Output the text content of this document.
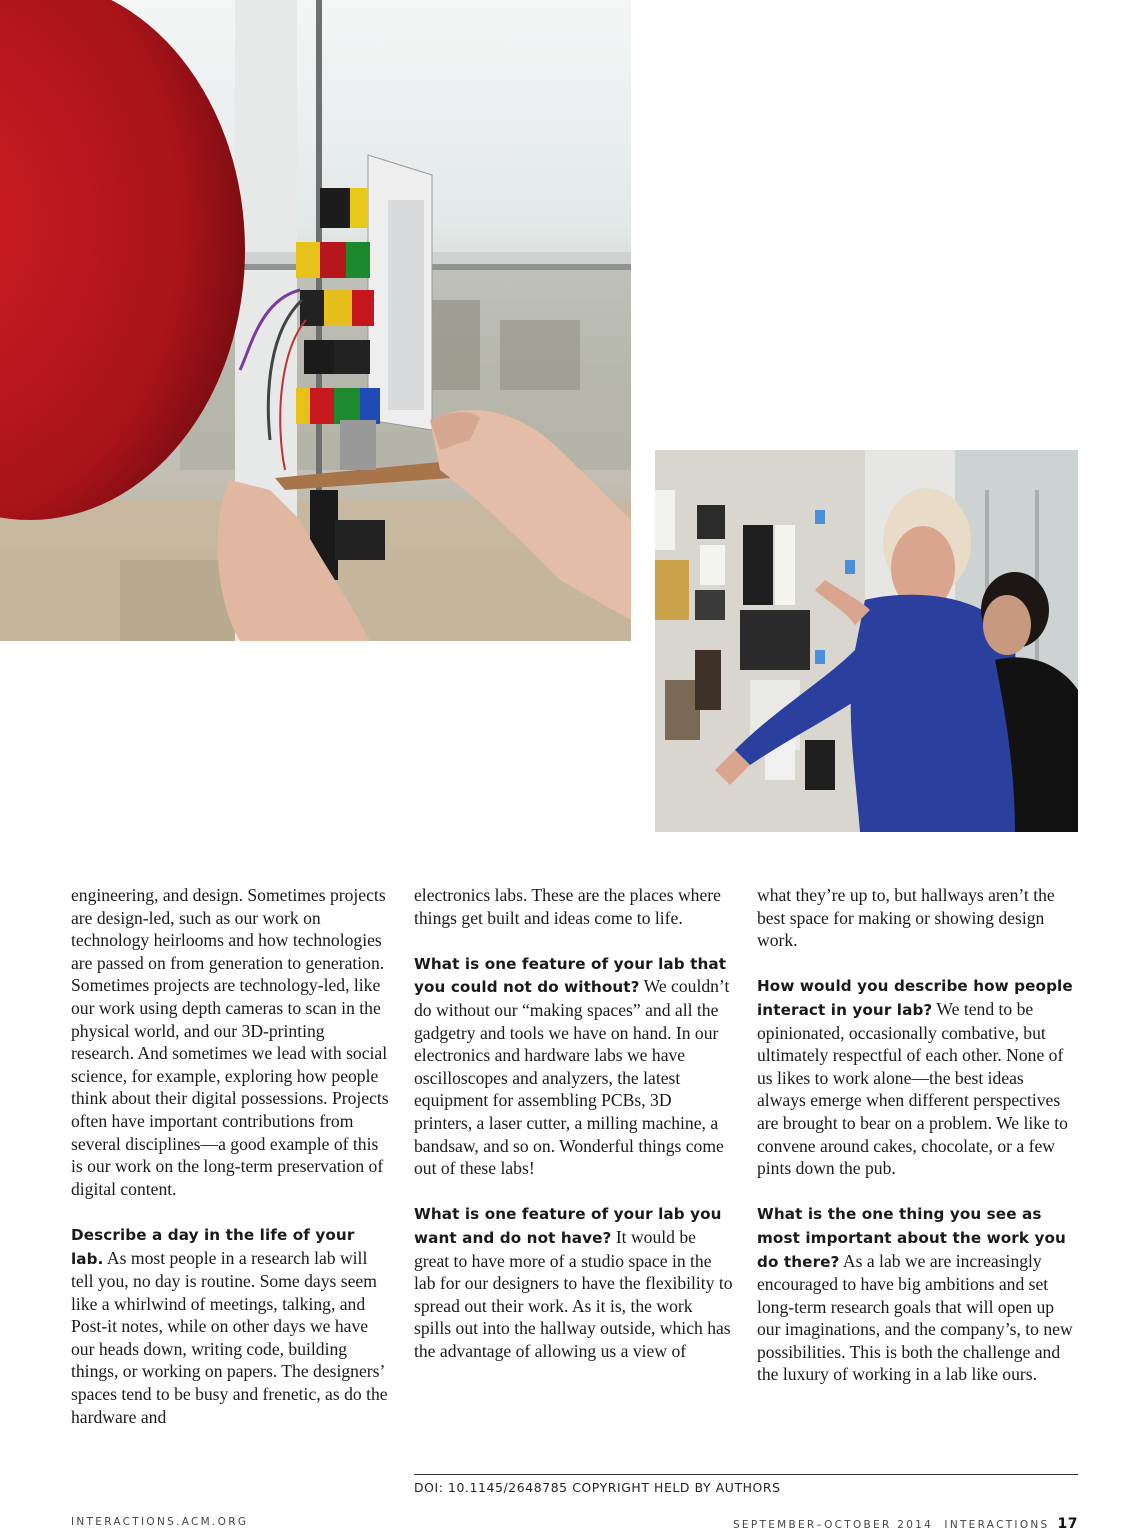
engineering, and design. Sometimes projects are design-led, such as our work on technology heirlooms and how technologies are passed on from generation to generation. Sometimes projects are technology-led, like our work using depth cameras to scan in the physical world, and our 3D-printing research. And sometimes we lead with social science, for example, exploring how people think about their digital possessions. Projects often have important contributions from several disciplines—a good example of this is our work on the long-term preservation of digital content.

Describe a day in the life of your lab. As most people in a research lab will tell you, no day is routine. Some days seem like a whirlwind of meetings, talking, and Post-it notes, while on other days we have our heads down, writing code, building things, or working on papers. The designers’ spaces tend to be busy and frenetic, as do the hardware and

electronics labs. These are the places where things get built and ideas come to life.

What is one feature of your lab that you could not do without? We couldn’t do without our “making spaces” and all the gadgetry and tools we have on hand. In our electronics and hardware labs we have oscilloscopes and analyzers, the latest equipment for assembling PCBs, 3D printers, a laser cutter, a milling machine, a bandsaw, and so on. Wonderful things come out of these labs!

What is one feature of your lab you want and do not have? It would be great to have more of a studio space in the lab for our designers to have the flexibility to spread out their work. As it is, the work spills out into the hallway outside, which has the advantage of allowing us a view of

what they’re up to, but hallways aren’t the best space for making or showing design work.

How would you describe how people interact in your lab? We tend to be opinionated, occasionally combative, but ultimately respectful of each other. None of us likes to work alone—the best ideas always emerge when different perspectives are brought to bear on a problem. We like to convene around cakes, chocolate, or a few pints down the pub.

What is the one thing you see as most important about the work you do there? As a lab we are increasingly encouraged to have big ambitions and set long-term research goals that will open up our imaginations, and the company’s, to new possibilities. This is both the challenge and the luxury of working in a lab like ours.

DOI: 10.1145/2648785 COPYRIGHT HELD BY AUTHORS
INTERACTIONS.ACM.ORG	SEPTEMBER–OCTOBER 2014  INTERACTIONS 17
